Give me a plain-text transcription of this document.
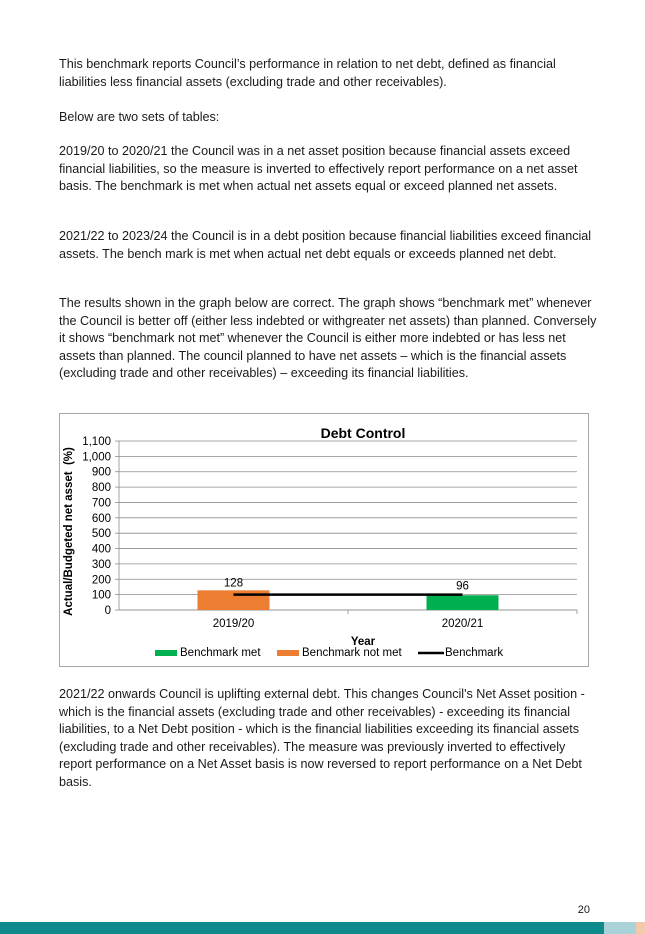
This benchmark reports Council’s performance in relation to net debt, defined as financial liabilities less financial assets (excluding trade and other receivables).

Below are two sets of tables:

2019/20 to 2020/21 the Council was in a net asset position because financial assets exceed financial liabilities, so the measure is inverted to effectively report performance on a net asset basis. The benchmark is met when actual net assets equal or exceed planned net assets.

2021/22 to 2023/24 the Council is in a debt position because financial liabilities exceed financial assets. The bench mark is met when actual net debt equals or exceeds planned net debt.

The results shown in the graph below are correct. The graph shows “benchmark met” whenever the Council is better off (either less indebted or withgreater net assets) than planned. Conversely it shows “benchmark not met” whenever the Council is either more indebted or has less net assets than planned. The council planned to have net assets – which is the financial assets (excluding trade and other receivables) – exceeding its financial liabilities.

Debt Control
0
100
200
300
400
500
600
700
800
900
1,000
1,100
2019/20	2020/21
128	96
Year
Actual/Budgeted net asset  (%)
Benchmark met	Benchmark not met	Benchmark

2021/22 onwards Council is uplifting external debt. This changes Council's Net Asset position - which is the financial assets (excluding trade and other receivables) - exceeding its financial liabilities, to a Net Debt position - which is the financial liabilities exceeding its financial assets (excluding trade and other receivables). The measure was previously inverted to effectively report performance on a Net Asset basis is now reversed to report performance on a Net Debt basis.

20
